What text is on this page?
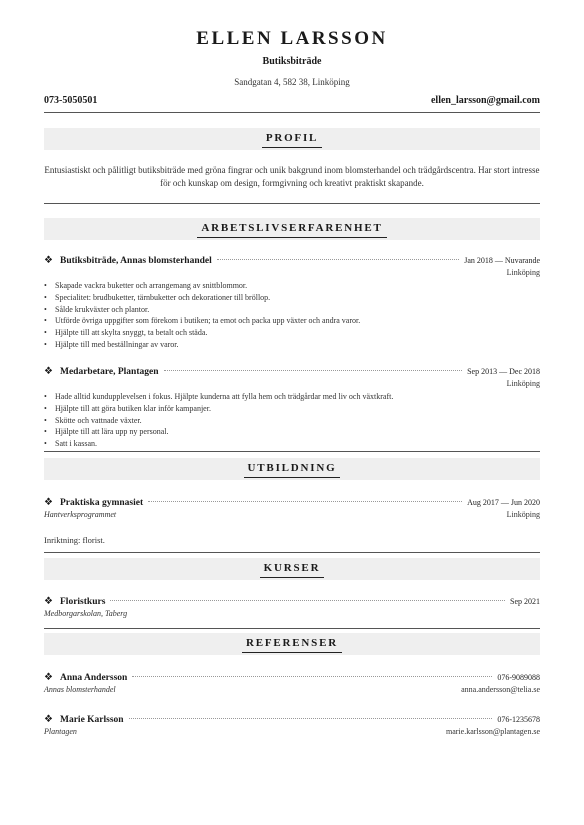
ELLEN LARSSON
Butiksbiträde
Sandgatan 4, 582 38, Linköping
073-5050501	ellen_larsson@gmail.com
PROFIL
Entusiastiskt och pålitligt butiksbiträde med gröna fingrar och unik bakgrund inom blomsterhandel och trädgårdscentra. Har stort intresse för och kunskap om design, formgivning och kreativt praktiskt skapande.
ARBETSLIVSERFARENHET
❖ Butiksbiträde, Annas blomsterhandel	Jan 2018 — Nuvarande
Linköping
• Skapade vackra buketter och arrangemang av snittblommor.
• Specialitet: brudbuketter, tärnbuketter och dekorationer till bröllop.
• Sålde krukväxter och plantor.
• Utförde övriga uppgifter som förekom i butiken; ta emot och packa upp växter och andra varor.
• Hjälpte till att skylta snyggt, ta betalt och städa.
• Hjälpte till med beställningar av varor.
❖ Medarbetare, Plantagen	Sep 2013 — Dec 2018
Linköping
• Hade alltid kundupplevelsen i fokus. Hjälpte kunderna att fylla hem och trädgårdar med liv och växtkraft.
• Hjälpte till att göra butiken klar inför kampanjer.
• Skötte och vattnade växter.
• Hjälpte till att lära upp ny personal.
• Satt i kassan.
UTBILDNING
❖ Praktiska gymnasiet	Aug 2017 — Jun 2020
Hantverksprogrammet	Linköping
Inriktning: florist.
KURSER
❖ Floristkurs	Sep 2021
Medborgarskolan, Taberg
REFERENSER
❖ Anna Andersson	076-9089088
Annas blomsterhandel	anna.andersson@telia.se
❖ Marie Karlsson	076-1235678
Plantagen	marie.karlsson@plantagen.se
